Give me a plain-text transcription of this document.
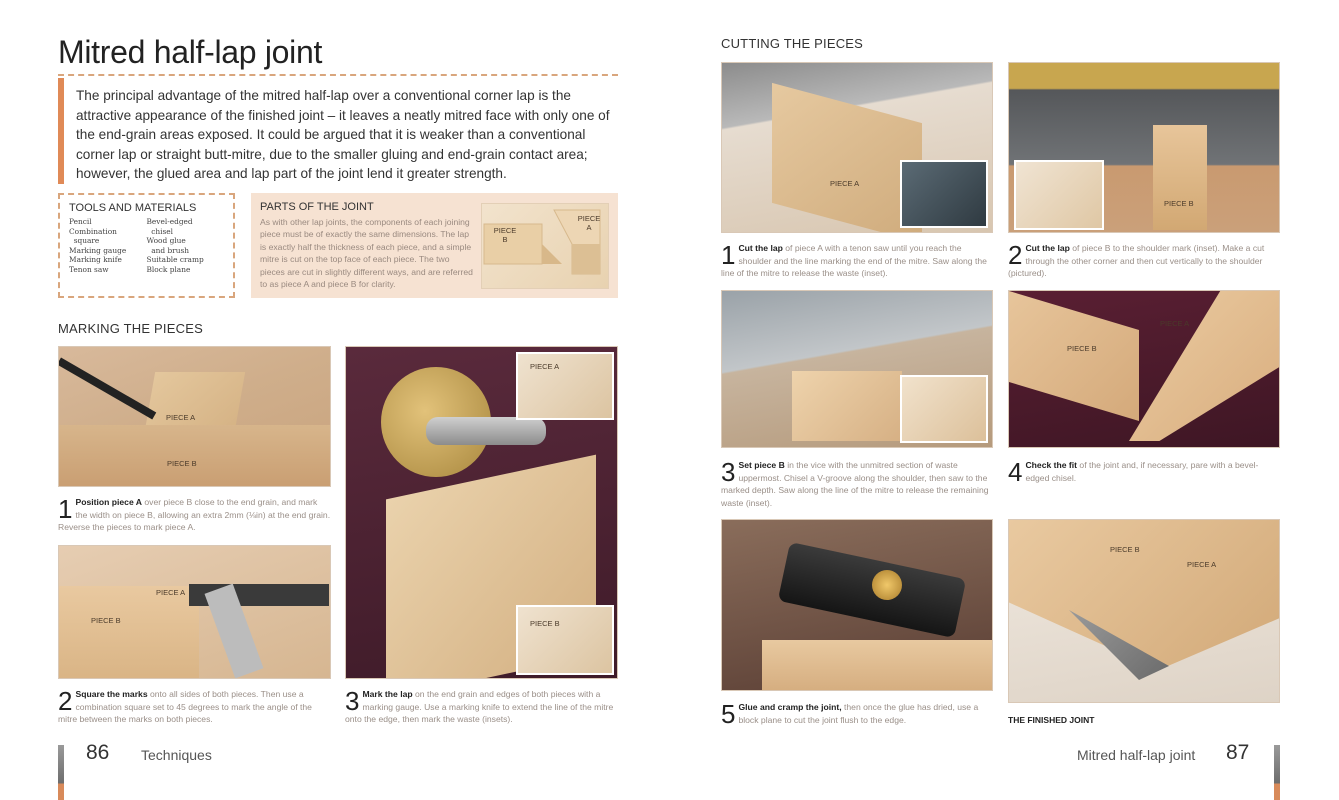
Mitred half-lap joint

The principal advantage of the mitred half-lap over a conventional corner lap is the attractive appearance of the finished joint – it leaves a neatly mitred face with only one of the end-grain areas exposed. It could be argued that it is weaker than a conventional corner lap or straight butt-mitre, due to the smaller gluing and end-grain contact area; however, the glued area and lap part of the joint lend it greater strength.

TOOLS AND MATERIALS
Pencil
Combination
square
Marking gauge
Marking knife
Tenon saw
Bevel-edged
chisel
Wood glue
and brush
Suitable cramp
Block plane
PARTS OF THE JOINT

As with other lap joints, the components of each joining piece must be of exactly the same dimensions. The lap is exactly half the thickness of each piece, and a simple mitre is cut on the top face of each piece. The two pieces are cut in slightly different ways, and are referred to as piece A and piece B for clarity.

PIECE B
PIECE A
MARKING THE PIECES
PIECE A
PIECE B
1 Position piece A over piece B close to the end grain, and mark the width on piece B, allowing an extra 2mm (⅛in) at the end grain. Reverse the pieces to mark piece A.
PIECE A
PIECE B
2 Square the marks onto all sides of both pieces. Then use a combination square set to 45 degrees to mark the angle of the mitre between the marks on both pieces.
PIECE A
PIECE B
3 Mark the lap on the end grain and edges of both pieces with a marking gauge. Use a marking knife to extend the line of the mitre onto the edge, then mark the waste (insets).
86 Techniques
CUTTING THE PIECES
PIECE A
1 Cut the lap of piece A with a tenon saw until you reach the shoulder and the line marking the end of the mitre. Saw along the line of the mitre to release the waste (inset).
PIECE B
2 Cut the lap of piece B to the shoulder mark (inset). Make a cut through the other corner and then cut vertically to the shoulder (pictured).
3 Set piece B in the vice with the unmitred section of waste uppermost. Chisel a V-groove along the shoulder, then saw to the marked depth. Saw along the line of the mitre to release the remaining waste (inset).
PIECE B
PIECE A
4 Check the fit of the joint and, if necessary, pare with a bevel-edged chisel.
5 Glue and cramp the joint, then once the glue has dried, use a block plane to cut the joint flush to the edge.
PIECE B
PIECE A
THE FINISHED JOINT
Mitred half-lap joint 87
